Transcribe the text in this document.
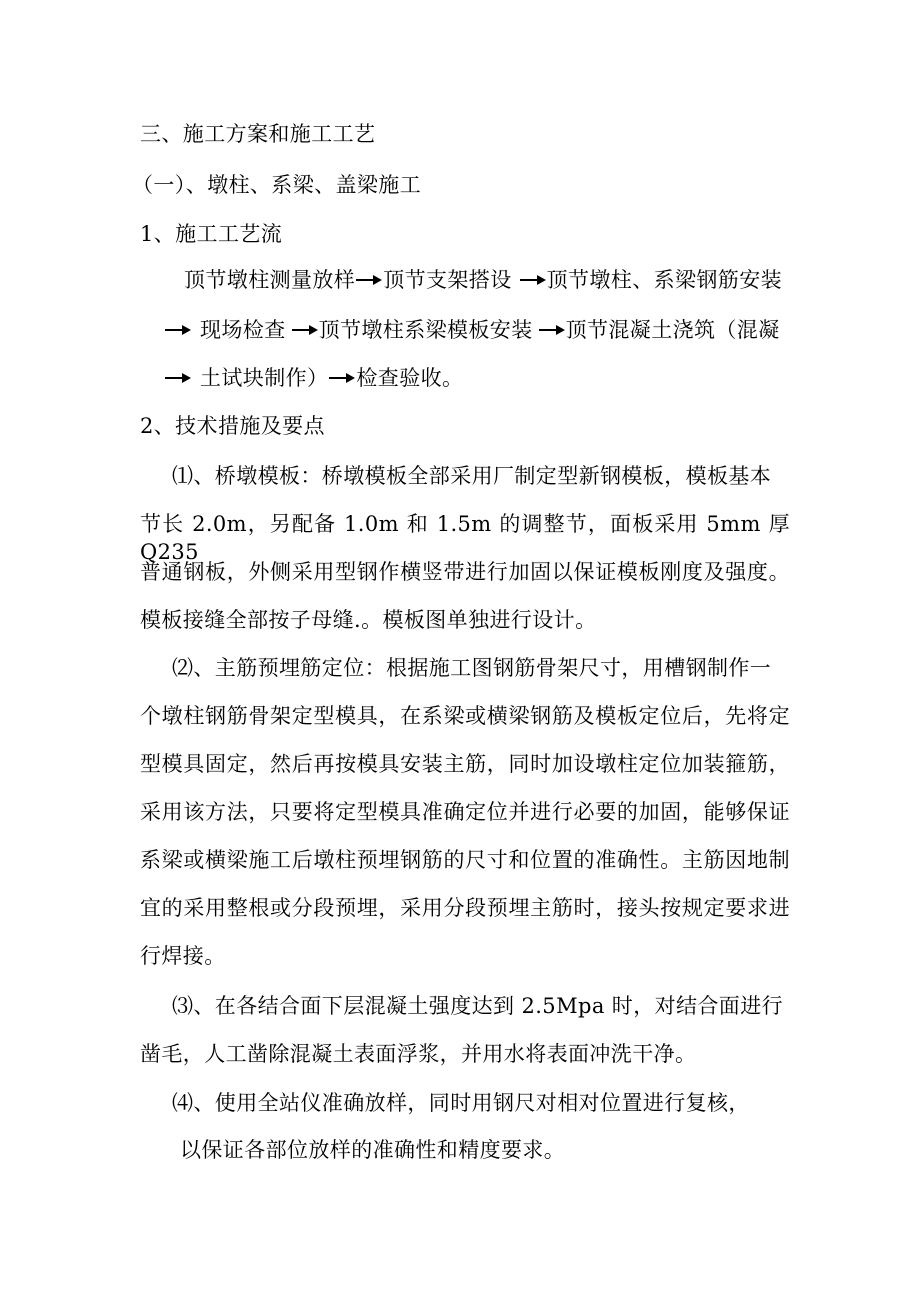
三、施工方案和施工工艺
（一）、墩柱、系梁、盖梁施工
1、施工工艺流
顶节墩柱测量放样 顶节支架搭设 顶节墩柱、系梁钢筋安装
现场检查 顶节墩柱系梁模板安装 顶节混凝土浇筑（混凝
土试块制作） 检查验收。
2、技术措施及要点
⑴、桥墩模板：桥墩模板全部采用厂制定型新钢模板，模板基本
节长 2.0m，另配备 1.0m 和 1.5m 的调整节，面板采用 5mm 厚 Q235
普通钢板，外侧采用型钢作横竖带进行加固以保证模板刚度及强度。
模板接缝全部按子母缝.。模板图单独进行设计。
⑵、主筋预埋筋定位：根据施工图钢筋骨架尺寸，用槽钢制作一
个墩柱钢筋骨架定型模具，在系梁或横梁钢筋及模板定位后，先将定
型模具固定，然后再按模具安装主筋，同时加设墩柱定位加装箍筋，
采用该方法，只要将定型模具准确定位并进行必要的加固，能够保证
系梁或横梁施工后墩柱预埋钢筋的尺寸和位置的准确性。主筋因地制
宜的采用整根或分段预埋，采用分段预埋主筋时，接头按规定要求进
行焊接。
⑶、在各结合面下层混凝土强度达到 2.5Mpa 时，对结合面进行
凿毛，人工凿除混凝土表面浮浆，并用水将表面冲洗干净。
⑷、使用全站仪准确放样，同时用钢尺对相对位置进行复核，
以保证各部位放样的准确性和精度要求。
